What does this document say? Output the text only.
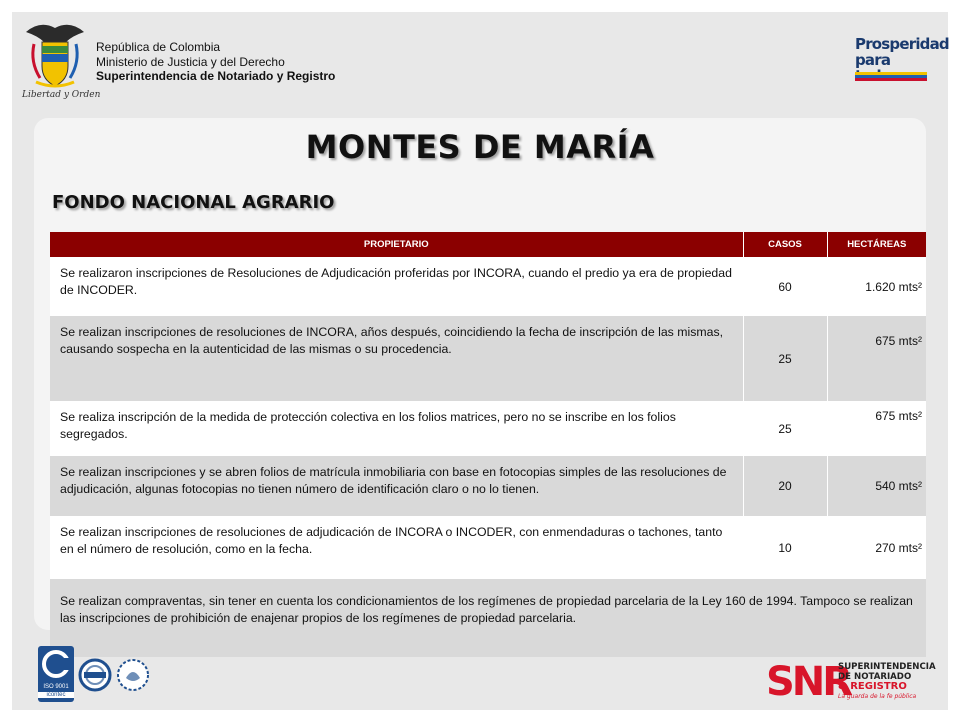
Libertad y Orden
República de Colombia
Ministerio de Justicia y del Derecho
Superintendencia de Notariado y Registro
Prosperidad
para
MONTES DE MARÍA
FONDO NACIONAL AGRARIO
PROPIETARIO	CASOS	HECTÁREAS
Se realizaron inscripciones de Resoluciones de Adjudicación proferidas por INCORA, cuando el predio ya era de propiedad de INCODER.	60	1.620 mts²
Se realizan inscripciones de resoluciones de INCORA, años después, coincidiendo la fecha de inscripción de las mismas, causando sospecha en la autenticidad de las mismas o su procedencia.	25	675 mts²
Se realiza inscripción de la medida de protección colectiva en los folios matrices, pero no se inscribe en los folios segregados.	25	675 mts²
Se realizan inscripciones y se abren folios de matrícula inmobiliaria con base en fotocopias simples de las resoluciones de adjudicación, algunas fotocopias no tienen número de identificación claro o no lo tienen.	20	540 mts²
Se realizan inscripciones de resoluciones de adjudicación de INCORA o INCODER, con enmendaduras o tachones, tanto en el número de resolución, como en la fecha.	10	270 mts²
Se realizan compraventas, sin tener en cuenta los condicionamientos de los regímenes de propiedad parcelaria de la Ley 160 de 1994. Tampoco se realizan las inscripciones de prohibición de enajenar propios de los regímenes de propiedad parcelaria.		
ISO 9001
icontec	SNR
SUPERINTENDENCIA
DE NOTARIADO
& REGISTRO
La guarda de la fe pública
